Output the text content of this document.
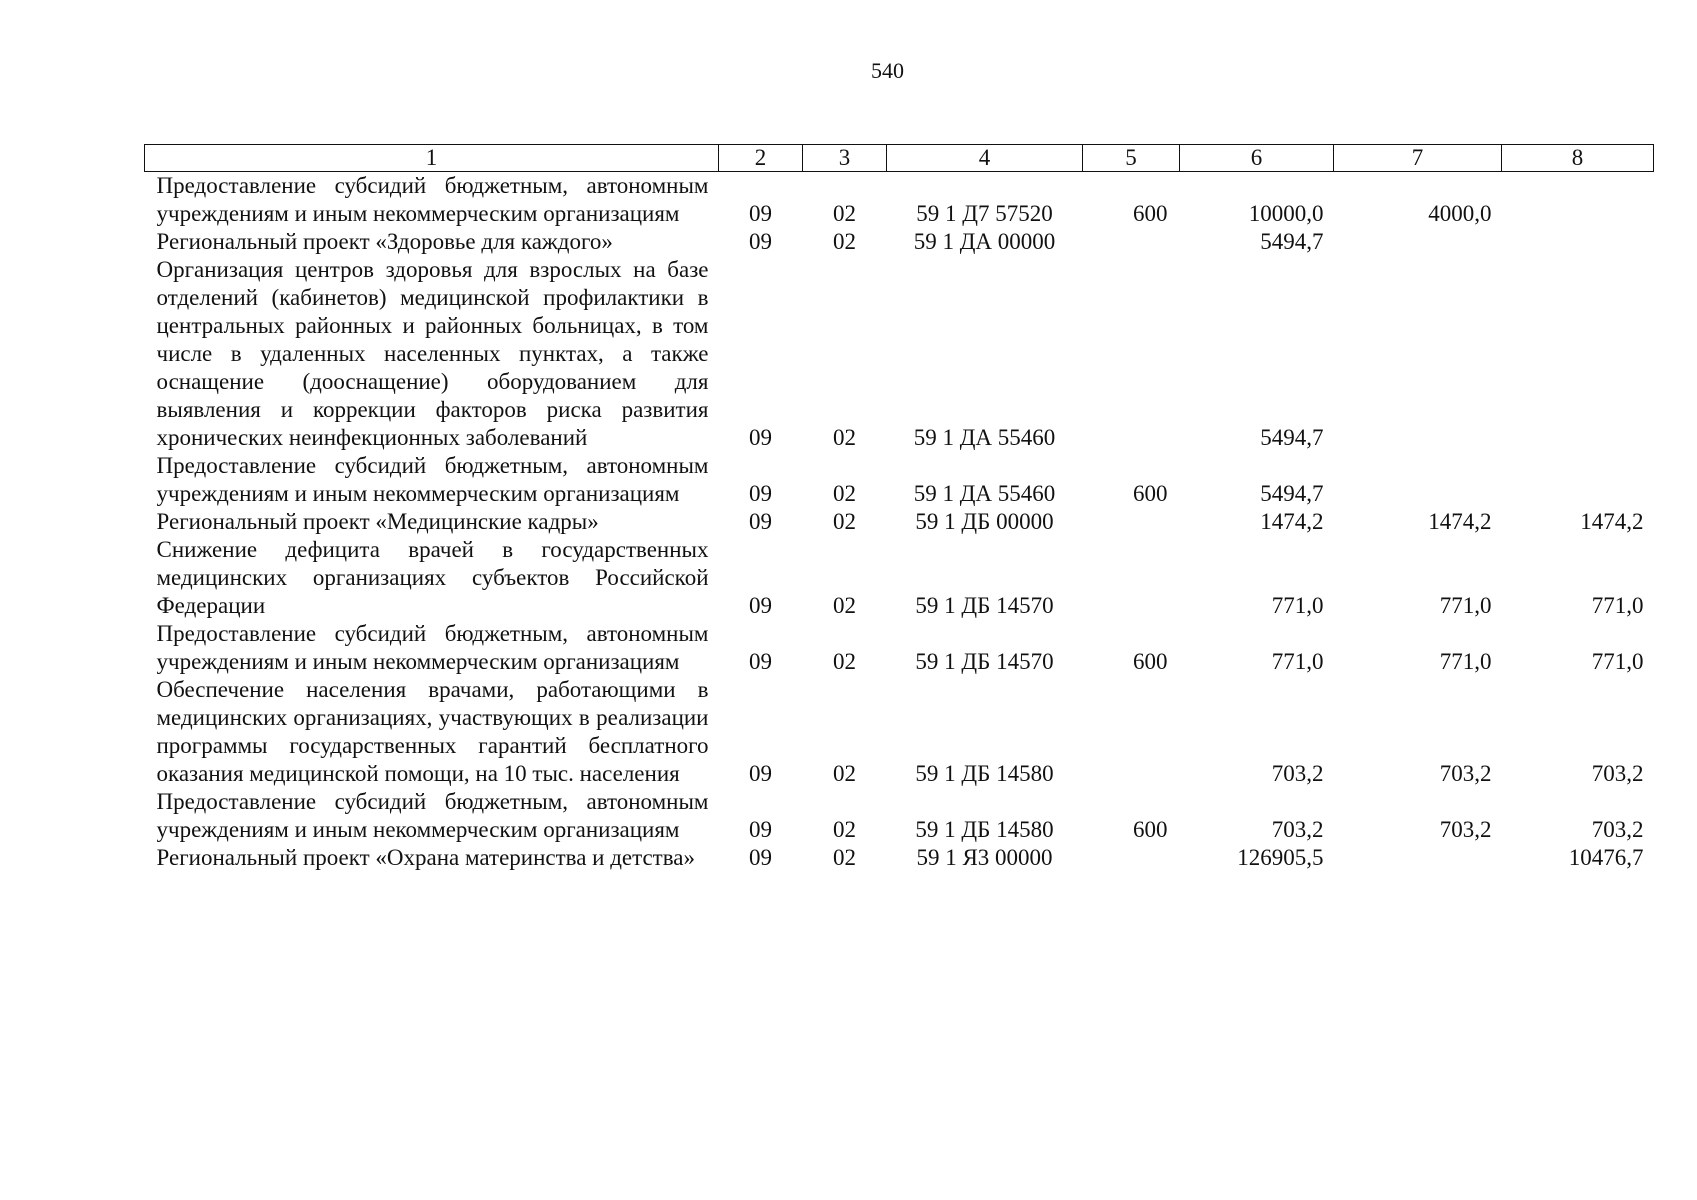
540
1	2	3	4	5	6	7	8
Предоставление субсидий бюджетным, автономным учреждениям и иным некоммерческим организациям	09	02	59 1 Д7 57520	600	10000,0	4000,0	
Региональный проект «Здоровье для каждого»	09	02	59 1 ДА 00000		5494,7		
Организация центров здоровья для взрослых на базе отделений (кабинетов) медицинской профилактики в центральных районных и районных больницах, в том числе в удаленных населенных пунктах, а также оснащение (дооснащение) оборудованием для выявления и коррекции факторов риска развития хронических неинфекционных заболеваний	09	02	59 1 ДА 55460		5494,7		
Предоставление субсидий бюджетным, автономным учреждениям и иным некоммерческим организациям	09	02	59 1 ДА 55460	600	5494,7		
Региональный проект «Медицинские кадры»	09	02	59 1 ДБ 00000		1474,2	1474,2	1474,2
Снижение дефицита врачей в государственных медицинских организациях субъектов Российской Федерации	09	02	59 1 ДБ 14570		771,0	771,0	771,0
Предоставление субсидий бюджетным, автономным учреждениям и иным некоммерческим организациям	09	02	59 1 ДБ 14570	600	771,0	771,0	771,0
Обеспечение населения врачами, работающими в медицинских организациях, участвующих в реализации программы государственных гарантий бесплатного оказания медицинской помощи, на 10 тыс. населения	09	02	59 1 ДБ 14580		703,2	703,2	703,2
Предоставление субсидий бюджетным, автономным учреждениям и иным некоммерческим организациям	09	02	59 1 ДБ 14580	600	703,2	703,2	703,2
Региональный проект «Охрана материнства и детства»	09	02	59 1 Я3 00000		126905,5		10476,7
